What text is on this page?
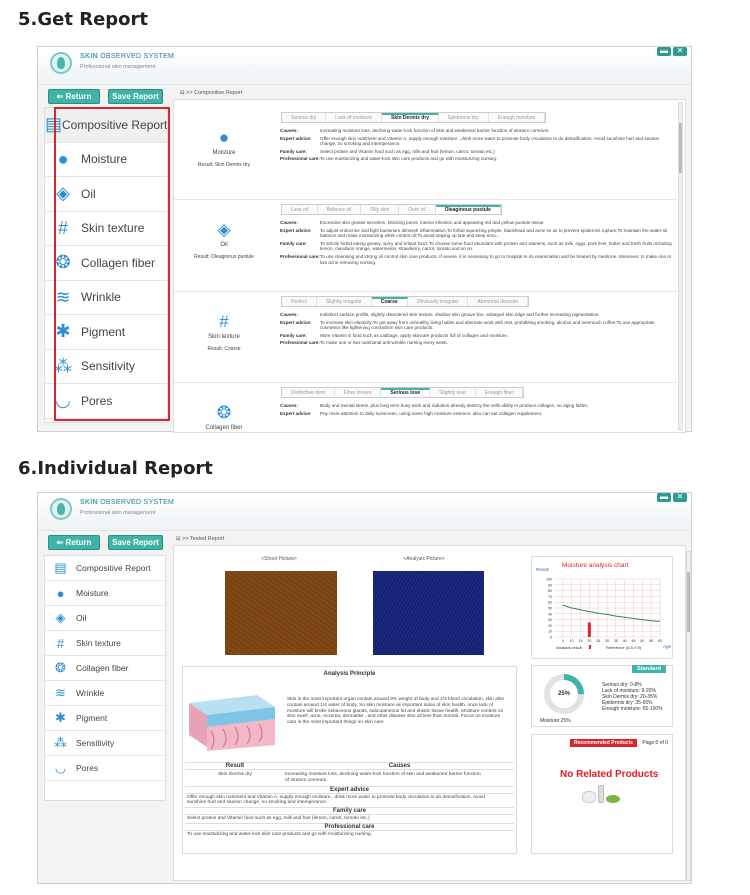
5.Get Report
6.Individual Report
SKIN OBSERVED SYSTEM
Professional skin management
▬	✕
⇐ Return	Save Report
▤ Compositive Report
●	Moisture
◈ Oil
#	Skin texture
❂ Collagen fiber
≋ Wrinkle
✱ Pigment
⁂ Sensitivity
◡ Pores
⊟ >> Compositive Report
●
Moisture
Result: Skin Dermis dry
Serious dry	Lack of moisture	Skin Dermis dry	Epidermis dry	Enough moisture
Causes:	Increasing moisture loss, declining water-lock function of skin and weakened barrier function of stratum corneum.
Expert advice:	Offer enough skin nutriment and Vitamin A, supply enough moisture , drink more water to promote body circulation to do detoxification. Avoid sunshine hurt and season change, no smoking and intemperance.
Family care:	Select protein and Vitamin food such as egg, milk and fruit (lemon, carrot, tomato etc.)
Professional care: To use moisturizing and water-lock skin care products and go with moisturizing nursing.
◈
Oil
Result: Oleaginous pustule
Less oil	Balance oil	Oily skin	Over oil	Oleaginous pustule
Causes:	Excessive skin grease secretion, blocking pores, interior infection and appearing red and yellow pustule tissue.
Expert advice:	To adjust endocrine and fight bacterium diminish inflammation,To forbid squeezing pimple, blackhead and acne so as to prevent epidermis rupture;To maintain the water-oil balance and make moisturizing while control oil;To avoid staying up late and keep emo...
Family care:	To strictly forbid eating greasy, spicy and irritant food. To choose some food abundant with protein and vitamins, such as milk, eggs, pork liver, butter and fresh fruits including lemon, mandarin orange, watermelon, strawberry, carrot, tomato and so on.
Professional care: To use cleansing and strong oil control skin care products. If severe, it is necessary to go to hospital to do examination and be treated by medicine. Moreover, to make one or two acne removing nursing.
#
Skin texture
Result: Coarse
Perfect	Slightly irregular	Coarse	Obviously irregular	Abnormal disorder
Causes:	Indistinct surface profile, slightly disordered skin texture, shallow skin groove line, enlarged skin ridge and further increasing pigmentation.
Expert advice:	To increase skin elasticity;To get away from unhealthy living habits and alternate work with rest, prohibiting smoking, alcohol and overmuch coffee;To use appropriate cosmetics like tightening contraction skin care products.
Family care:	More Vitamin E food such as cabbage, apply skincare products full of collagen and moisture.
Professional care: To make one or two nutritional anti-wrinkle nursing every week.
❂
Collagen fiber
Distinctive dent	Fiber loosen	Serious lose	Slightly lose	Enough fiber
Causes:	Body and mental stress, plus long term busy work and radiation already destroy the cells ability to produce collagen, so aging faster.
Expert advice:	Pay more attention to daily sunscreen, using some high moisture essence, also can eat collagen supplement.
SKIN OBSERVED SYSTEM
Professional skin management
▬	✕
⇐ Return	Save Report
▤	Compositive Report
●	Moisture
◈	Oil
#	Skin texture
❂	Collagen fiber
≋	Wrinkle
✱	Pigment
⁂	Sensitivity
◡	Pores
⊟ >> Tested Report
<Shoot Picture>	<Analysis Picture>
Moisture analysis chart
Result
0
10
20
30
40
50
60
70
80
90
100
5 10 15 20 25 30 35 40 45 50 55 60
Age
Analysis result	Reference (6.5-9.9)
Analysis Principle
Skin is the most important organ contain around 8% weight of body and 1/3 blood circulation, skin also contain around 1/4 water of body. So skin moisture as important index of skin health, once lack of moisture will broke sebaceous glands, subcutaneous fat and elastic tissue health. Moisture content on skin swell, acne, eczema, dermatitis , and other disease skin all less than normal. Focus on moisture care is the most important things on skin care
Result	Causes
Skin Dermis dry	Increasing moisture loss, declining water-lock function of skin and weakened barrier function of stratum corneum.
Expert advice
Offer enough skin nutriment and Vitamin A, supply enough moisture , drink more water to promote body circulation to do detoxification. Avoid sunshine hurt and season change, no smoking and intemperance.
Family care
Select protein and Vitamin food such as egg, milk and fruit (lemon, carrot, tomato etc.)
Professional care
To use moisturizing and water-lock skin care products and go with moisturizing nursing.
Standard
25%
Moisture:25%
Serious dry: 0-8%
Lack of moisture: 9-20%
Skin Dermis dry: 20-35%
Epidermis dry: 35-65%
Enough moisture: 65-100%
Recommended Products	Page 0 of 0
No Related Products
